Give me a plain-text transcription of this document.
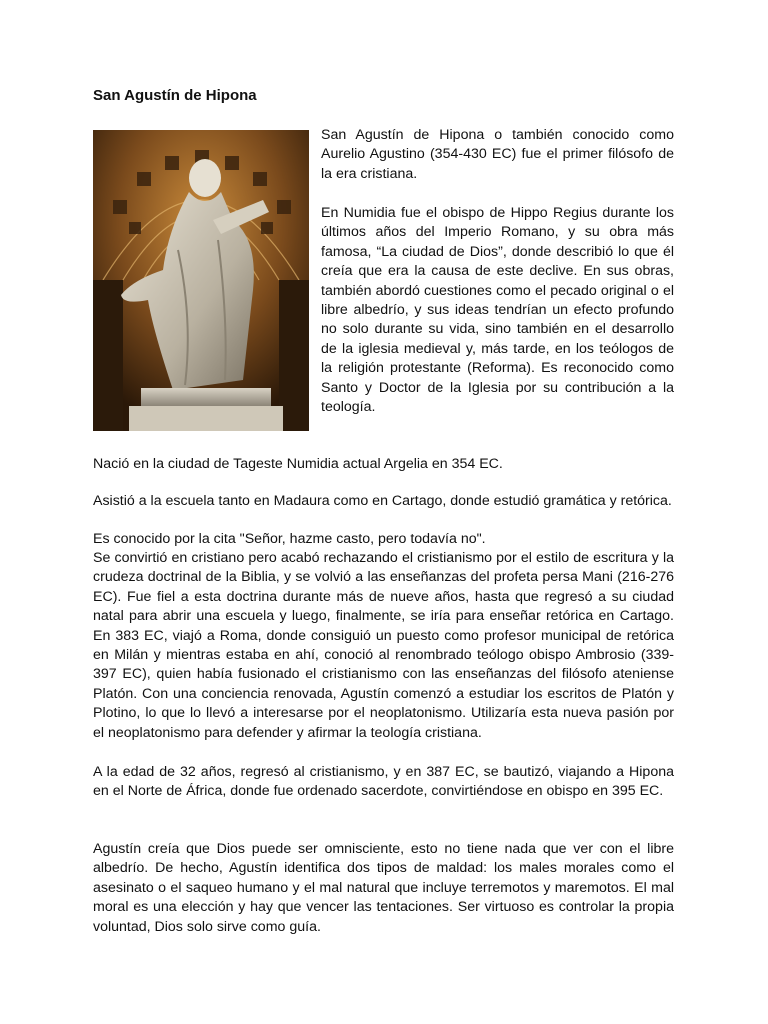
San Agustín de Hipona

San Agustín de Hipona o también conocido como Aurelio Agustino (354-430 EC) fue el primer filósofo de la era cristiana.

En Numidia fue el obispo de Hippo Regius durante los últimos años del Imperio Romano, y su obra más famosa, “La ciudad de Dios”, donde describió lo que él creía que era la causa de este declive. En sus obras, también abordó cuestiones como el pecado original o el libre albedrío, y sus ideas tendrían un efecto profundo no solo durante su vida, sino también en el desarrollo de la iglesia medieval y, más tarde, en los teólogos de la religión protestante (Reforma). Es reconocido como Santo y Doctor de la Iglesia por su contribución a la teología.

Nació en la ciudad de Tageste Numidia actual Argelia en 354 EC.

Asistió a la escuela tanto en Madaura como en Cartago, donde estudió gramática y retórica.

Es conocido por la cita "Señor, hazme casto, pero todavía no".

Se convirtió en cristiano pero acabó rechazando el cristianismo por el estilo de escritura y la crudeza doctrinal de la Biblia, y se volvió a las enseñanzas del profeta persa Mani (216-276 EC). Fue fiel a esta doctrina durante más de nueve años, hasta que regresó a su ciudad natal para abrir una escuela y luego, finalmente, se iría para enseñar retórica en Cartago. En 383 EC, viajó a Roma, donde consiguió un puesto como profesor municipal de retórica en Milán y mientras estaba en ahí, conoció al renombrado teólogo obispo Ambrosio (339-397 EC), quien había fusionado el cristianismo con las enseñanzas del filósofo ateniense Platón. Con una conciencia renovada, Agustín comenzó a estudiar los escritos de Platón y Plotino, lo que lo llevó a interesarse por el neoplatonismo. Utilizaría esta nueva pasión por el neoplatonismo para defender y afirmar la teología cristiana.

A la edad de 32 años, regresó al cristianismo, y en 387 EC, se bautizó, viajando a Hipona en el Norte de África, donde fue ordenado sacerdote, convirtiéndose en obispo en 395 EC.

Agustín creía que Dios puede ser omnisciente, esto no tiene nada que ver con el libre albedrío. De hecho, Agustín identifica dos tipos de maldad: los males morales como el asesinato o el saqueo humano y el mal natural que incluye terremotos y maremotos. El mal moral es una elección y hay que vencer las tentaciones. Ser virtuoso es controlar la propia voluntad, Dios solo sirve como guía.
